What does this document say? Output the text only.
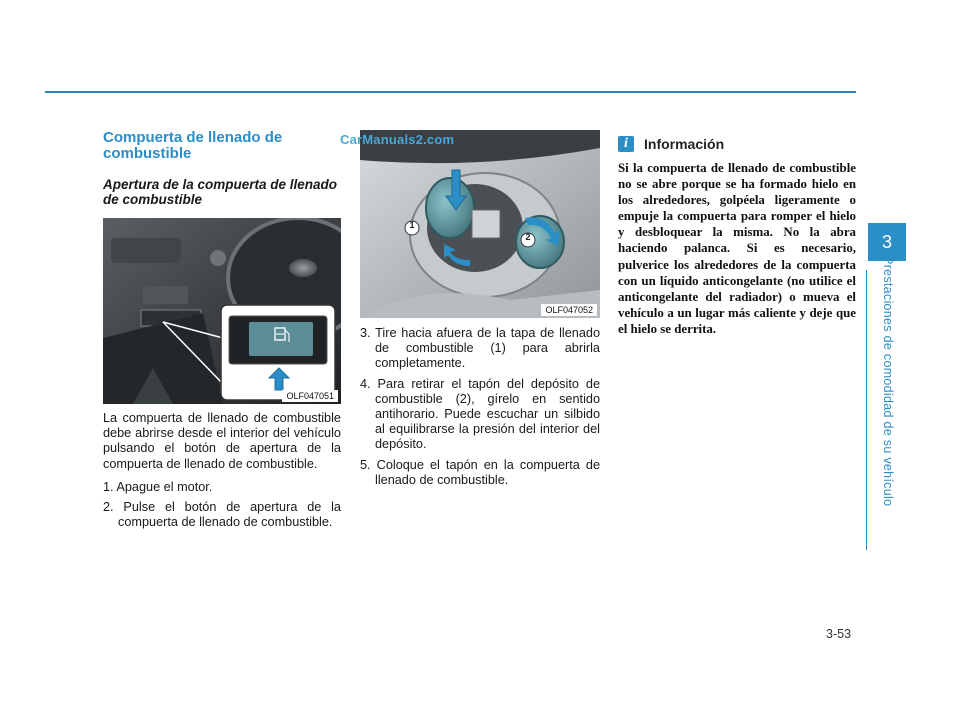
Compuerta de llenado de combustible
Apertura de la compuerta de llenado de combustible
OLF047051

La compuerta de llenado de combustible debe abrirse desde el interior del vehículo pulsando el botón de apertura de la compuerta de llenado de combustible.

1. Apague el motor.
2. Pulse el botón de apertura de la compuerta de llenado de combustible.
1
2
OLF047052
3. Tire hacia afuera de la tapa de llenado de combustible (1) para abrirla completamente.
4. Para retirar el tapón del depósito de combustible (2), gírelo en sentido antihorario. Puede escuchar un silbido al equilibrarse la presión del interior del depósito.
5. Coloque el tapón en la compuerta de llenado de combustible.
CarManuals2.com	i	Información
Si la compuerta de llenado de combustible no se abre porque se ha formado hielo en los alrededores, golpéela ligeramente o empuje la compuerta para romper el hielo y desbloquear la misma. No la abra haciendo palanca. Si es necesario, pulverice los alrededores de la compuerta con un líquido anticongelante (no utilice el anticongelante del radiador) o mueva el vehículo a un lugar más caliente y deje que el hielo se derrita.
3
Prestaciones de comodidad de su vehículo
3-53
